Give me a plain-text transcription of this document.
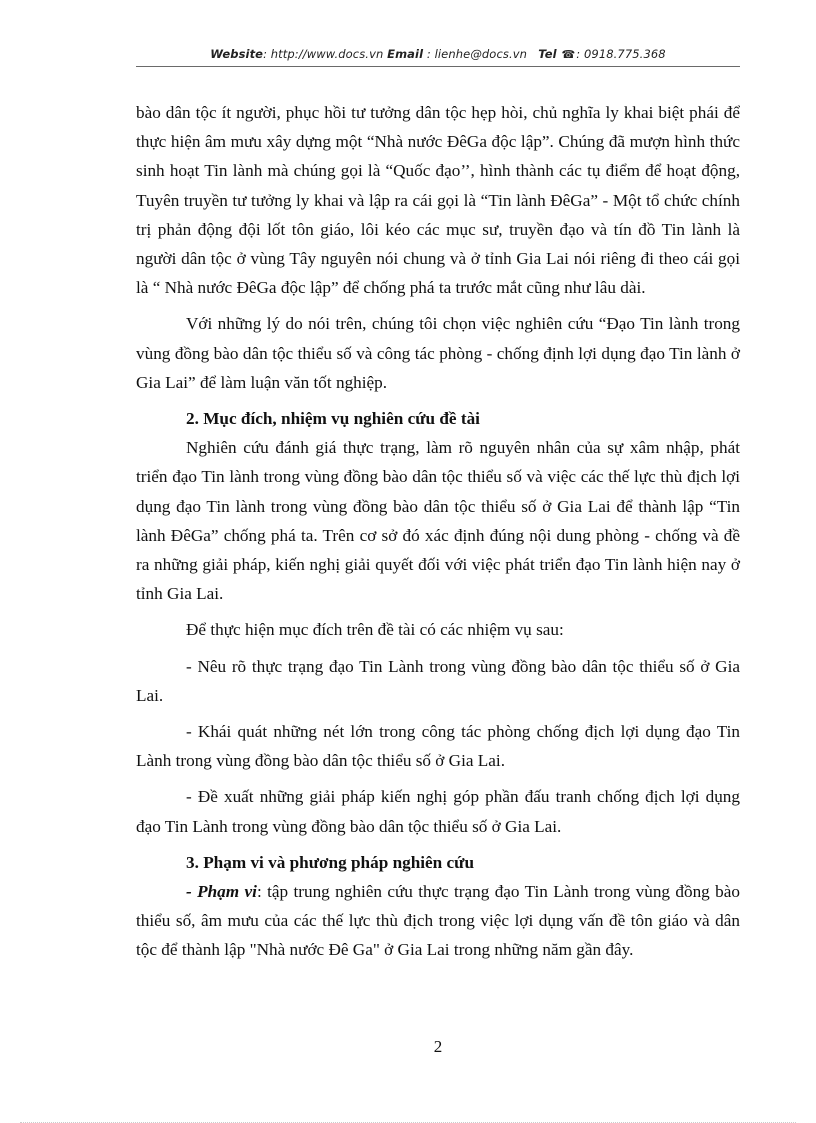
Website: http://www.docs.vn Email : lienhe@docs.vn Tel ☎: 0918.775.368

bào dân tộc ít người, phục hồi tư tưởng dân tộc hẹp hòi, chủ nghĩa ly khai biệt phái để thực hiện âm mưu xây dựng một “Nhà nước ĐêGa độc lập”. Chúng đã mượn hình thức sinh hoạt Tin lành mà chúng gọi là “Quốc đạo’’, hình thành các tụ điểm để hoạt động, Tuyên truyền tư tưởng ly khai và lập ra cái gọi là “Tin lành ĐêGa” - Một tổ chức chính trị phản động đội lốt tôn giáo, lôi kéo các mục sư, truyền đạo và tín đồ Tin lành là người dân tộc ở vùng Tây nguyên nói chung và ở tỉnh Gia Lai nói riêng đi theo cái gọi là “ Nhà nước ĐêGa độc lập” để chống phá ta trước mắt cũng như lâu dài.

Với những lý do nói trên, chúng tôi chọn việc nghiên cứu “Đạo Tin lành trong vùng đồng bào dân tộc thiểu số và công tác phòng - chống định lợi dụng đạo Tin lành ở Gia Lai” để làm luận văn tốt nghiệp.

2. Mục đích, nhiệm vụ nghiên cứu đề tài

Nghiên cứu đánh giá thực trạng, làm rõ nguyên nhân của sự xâm nhập, phát triển đạo Tin lành trong vùng đồng bào dân tộc thiểu số và việc các thế lực thù địch lợi dụng đạo Tin lành trong vùng đồng bào dân tộc thiểu số ở Gia Lai để thành lập “Tin lành ĐêGa” chống phá ta. Trên cơ sở đó xác định đúng nội dung phòng - chống và đề ra những giải pháp, kiến nghị giải quyết đối với việc phát triển đạo Tin lành hiện nay ở tỉnh Gia Lai.

Để thực hiện mục đích trên đề tài có các nhiệm vụ sau:

- Nêu rõ thực trạng đạo Tin Lành trong vùng đồng bào dân tộc thiểu số ở Gia Lai.

- Khái quát những nét lớn trong công tác phòng chống địch lợi dụng đạo Tin Lành trong vùng đồng bào dân tộc thiểu số ở Gia Lai.

- Đề xuất những giải pháp kiến nghị góp phần đấu tranh chống địch lợi dụng đạo Tin Lành trong vùng đồng bào dân tộc thiểu số ở Gia Lai.

3. Phạm vi và phương pháp nghiên cứu

- Phạm vi: tập trung nghiên cứu thực trạng đạo Tin Lành trong vùng đồng bào thiểu số, âm mưu của các thế lực thù địch trong việc lợi dụng vấn đề tôn giáo và dân tộc để thành lập "Nhà nước Đê Ga" ở Gia Lai trong những năm gần đây.

2
